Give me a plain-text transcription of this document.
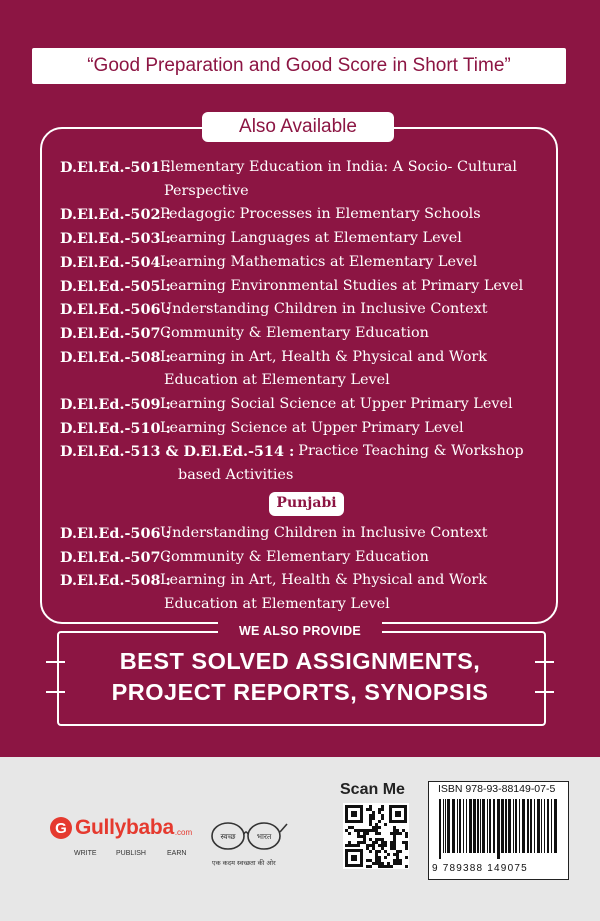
“Good Preparation and Good Score in Short Time”
Also Available
D.El.Ed.-501 :
Elementary Education in India: A Socio- Cultural
Perspective
D.El.Ed.-502 :
Pedagogic Processes in Elementary Schools
D.El.Ed.-503 :
Learning Languages at Elementary Level
D.El.Ed.-504 :
Learning Mathematics at Elementary Level
D.El.Ed.-505 :
Learning Environmental Studies at Primary Level
D.El.Ed.-506 :
Understanding Children in Inclusive Context
D.El.Ed.-507 :
Community & Elementary Education
D.El.Ed.-508 :
Learning in Art, Health & Physical and Work
Education at Elementary Level
D.El.Ed.-509 :
Learning Social Science at Upper Primary Level
D.El.Ed.-510 :
Learning Science at Upper Primary Level
D.El.Ed.-513 & D.El.Ed.-514 : Practice Teaching & Workshop
based Activities
Punjabi
D.El.Ed.-506 :
Understanding Children in Inclusive Context
D.El.Ed.-507 :
Community & Elementary Education
D.El.Ed.-508 :
Learning in Art, Health & Physical and Work
Education at Elementary Level
WE ALSO PROVIDE
BEST SOLVED ASSIGNMENTS,
PROJECT REPORTS, SYNOPSIS
G Gullybaba .com
WRITE	PUBLISH	EARN
स्वच्छ	भारत
एक कदम स्वच्छता की ओर
Scan Me	ISBN 978-93-88149-07-5
9 789388 149075
